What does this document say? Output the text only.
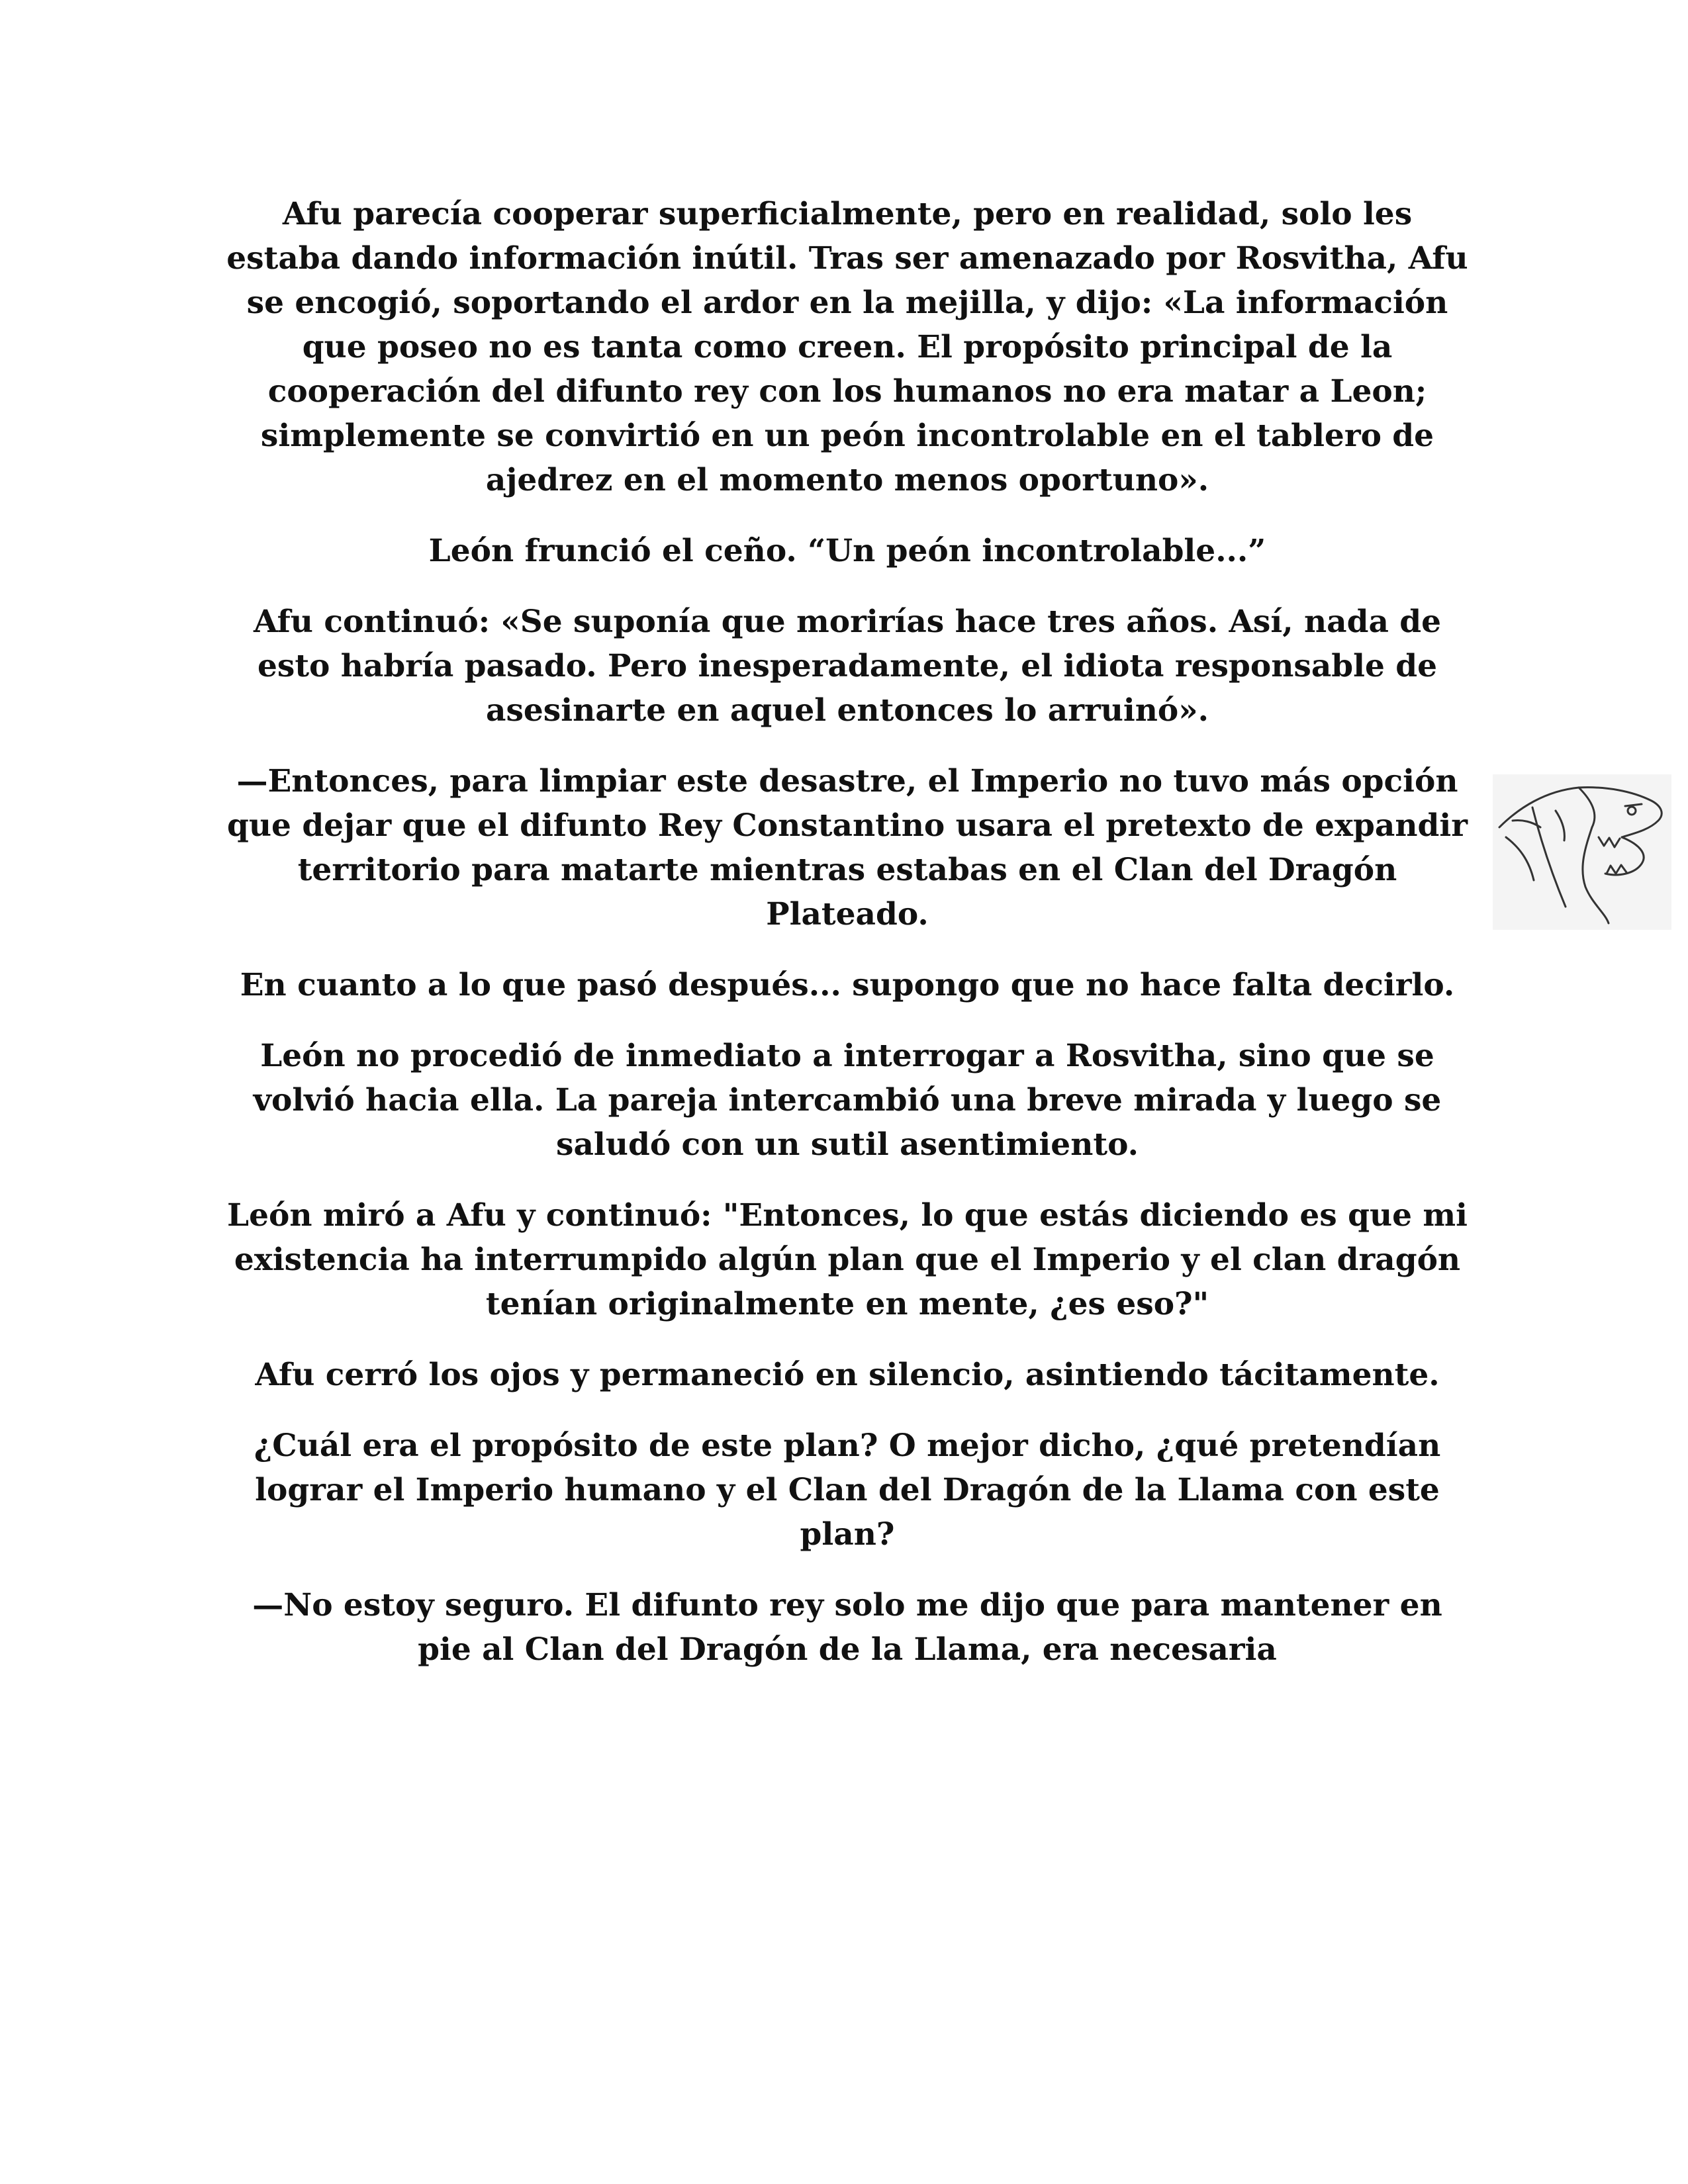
Afu parecía cooperar superficialmente, pero en realidad, solo les estaba dando información inútil. Tras ser amenazado por Rosvitha, Afu se encogió, soportando el ardor en la mejilla, y dijo: «La información que poseo no es tanta como creen. El propósito principal de la cooperación del difunto rey con los humanos no era matar a Leon; simplemente se convirtió en un peón incontrolable en el tablero de ajedrez en el momento menos oportuno».

León frunció el ceño. “Un peón incontrolable...”

Afu continuó: «Se suponía que morirías hace tres años. Así, nada de esto habría pasado. Pero inesperadamente, el idiota responsable de asesinarte en aquel entonces lo arruinó».

—Entonces, para limpiar este desastre, el Imperio no tuvo más opción que dejar que el difunto Rey Constantino usara el pretexto de expandir territorio para matarte mientras estabas en el Clan del Dragón Plateado.

En cuanto a lo que pasó después... supongo que no hace falta decirlo.

León no procedió de inmediato a interrogar a Rosvitha, sino que se volvió hacia ella. La pareja intercambió una breve mirada y luego se saludó con un sutil asentimiento.

León miró a Afu y continuó: "Entonces, lo que estás diciendo es que mi existencia ha interrumpido algún plan que el Imperio y el clan dragón tenían originalmente en mente, ¿es eso?"

Afu cerró los ojos y permaneció en silencio, asintiendo tácitamente.

¿Cuál era el propósito de este plan? O mejor dicho, ¿qué pretendían lograr el Imperio humano y el Clan del Dragón de la Llama con este plan?

—No estoy seguro. El difunto rey solo me dijo que para mantener en pie al Clan del Dragón de la Llama, era necesaria
